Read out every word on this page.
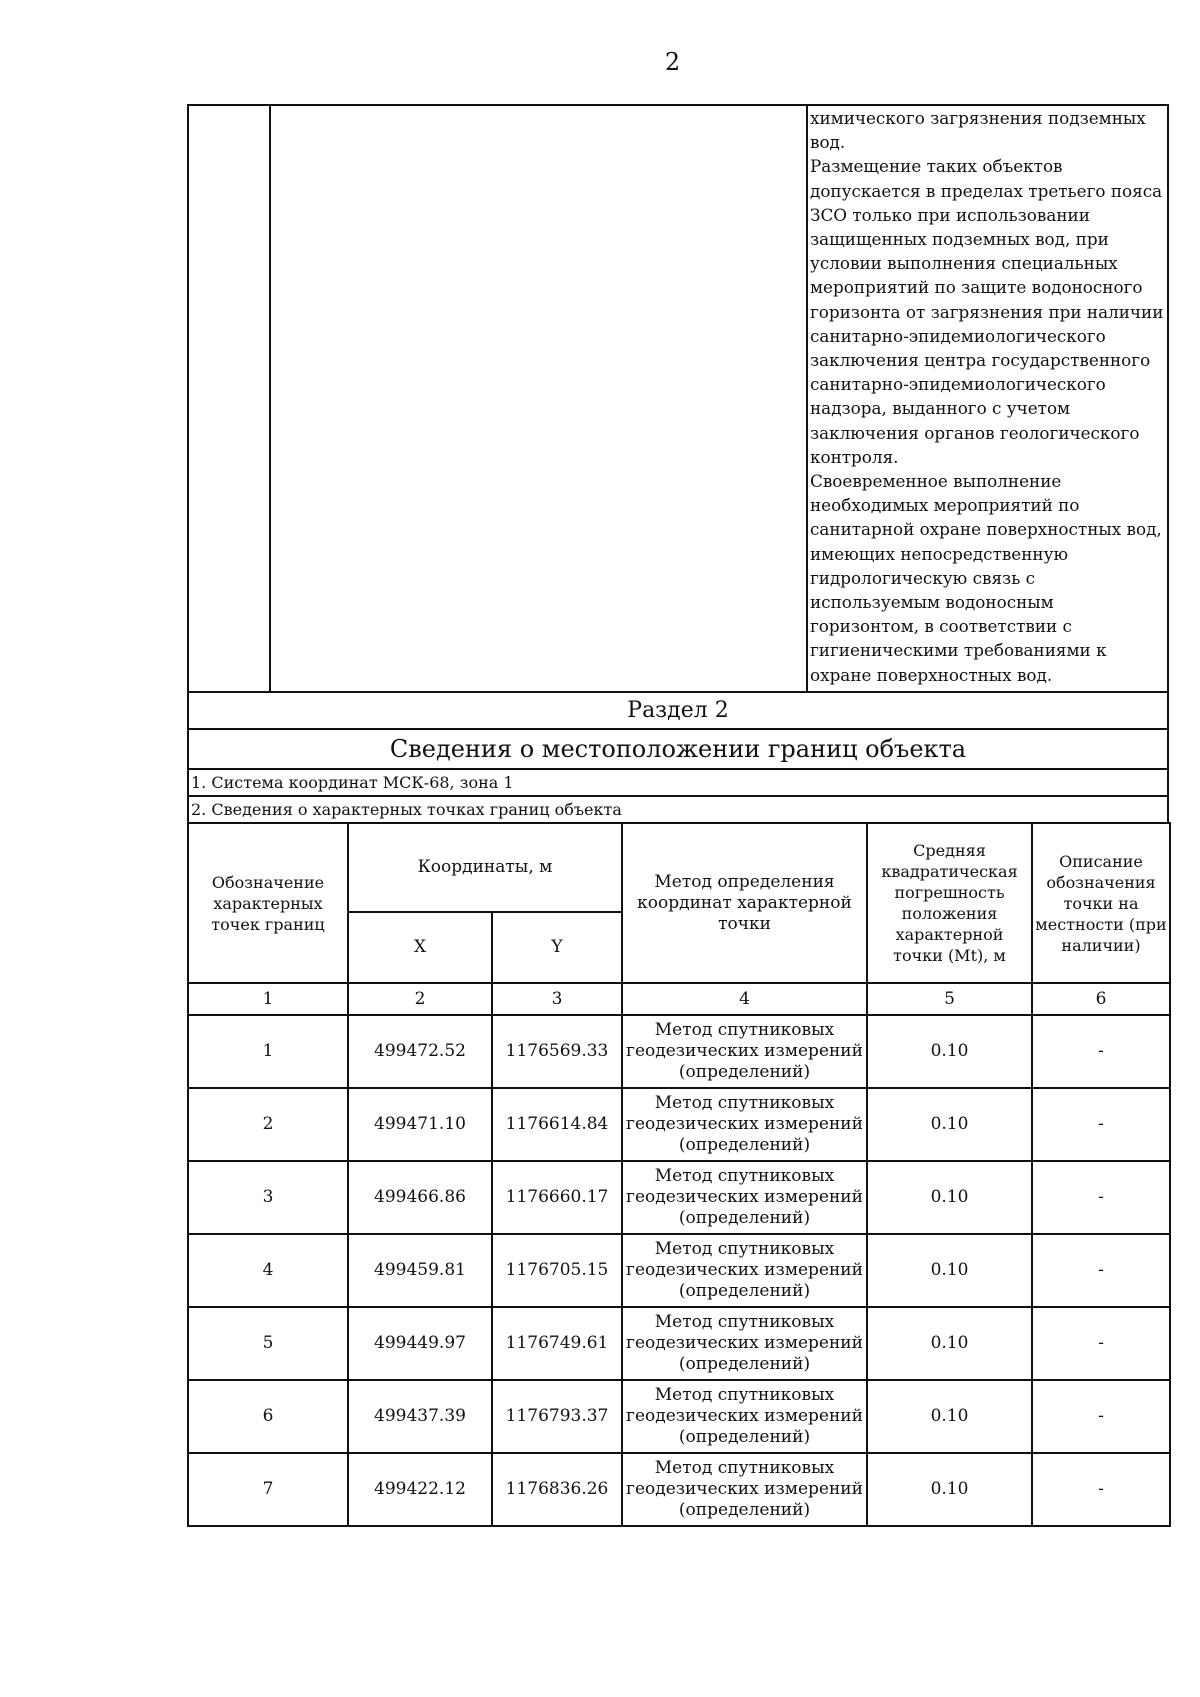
2

химического загрязнения подземных вод.

Размещение таких объектов допускается в пределах третьего пояса ЗСО только при использовании защищенных подземных вод, при условии выполнения специальных мероприятий по защите водоносного горизонта от загрязнения при наличии санитарно-эпидемиологического заключения центра государственного санитарно-эпидемиологического надзора, выданного с учетом заключения органов геологического контроля.

Своевременное выполнение необходимых мероприятий по санитарной охране поверхностных вод, имеющих непосредственную гидрологическую связь с используемым водоносным горизонтом, в соответствии с гигиеническими требованиями к охране поверхностных вод.

Раздел 2
Сведения о местоположении границ объекта
1. Система координат МСК-68, зона 1
2. Сведения о характерных точках границ объекта
Обозначение характерных точек границ	Координаты, м		Метод определения координат характерной точки	Средняя квадратическая погрешность положения характерной точки (Mt), м	Описание обозначения точки на местности (при наличии)
	X	Y			
1	2	3	4	5	6
1	499472.52	1176569.33	Метод спутниковых геодезических измерений (определений)	0.10	-
2	499471.10	1176614.84	Метод спутниковых геодезических измерений (определений)	0.10	-
3	499466.86	1176660.17	Метод спутниковых геодезических измерений (определений)	0.10	-
4	499459.81	1176705.15	Метод спутниковых геодезических измерений (определений)	0.10	-
5	499449.97	1176749.61	Метод спутниковых геодезических измерений (определений)	0.10	-
6	499437.39	1176793.37	Метод спутниковых геодезических измерений (определений)	0.10	-
7	499422.12	1176836.26	Метод спутниковых геодезических измерений (определений)	0.10	-
